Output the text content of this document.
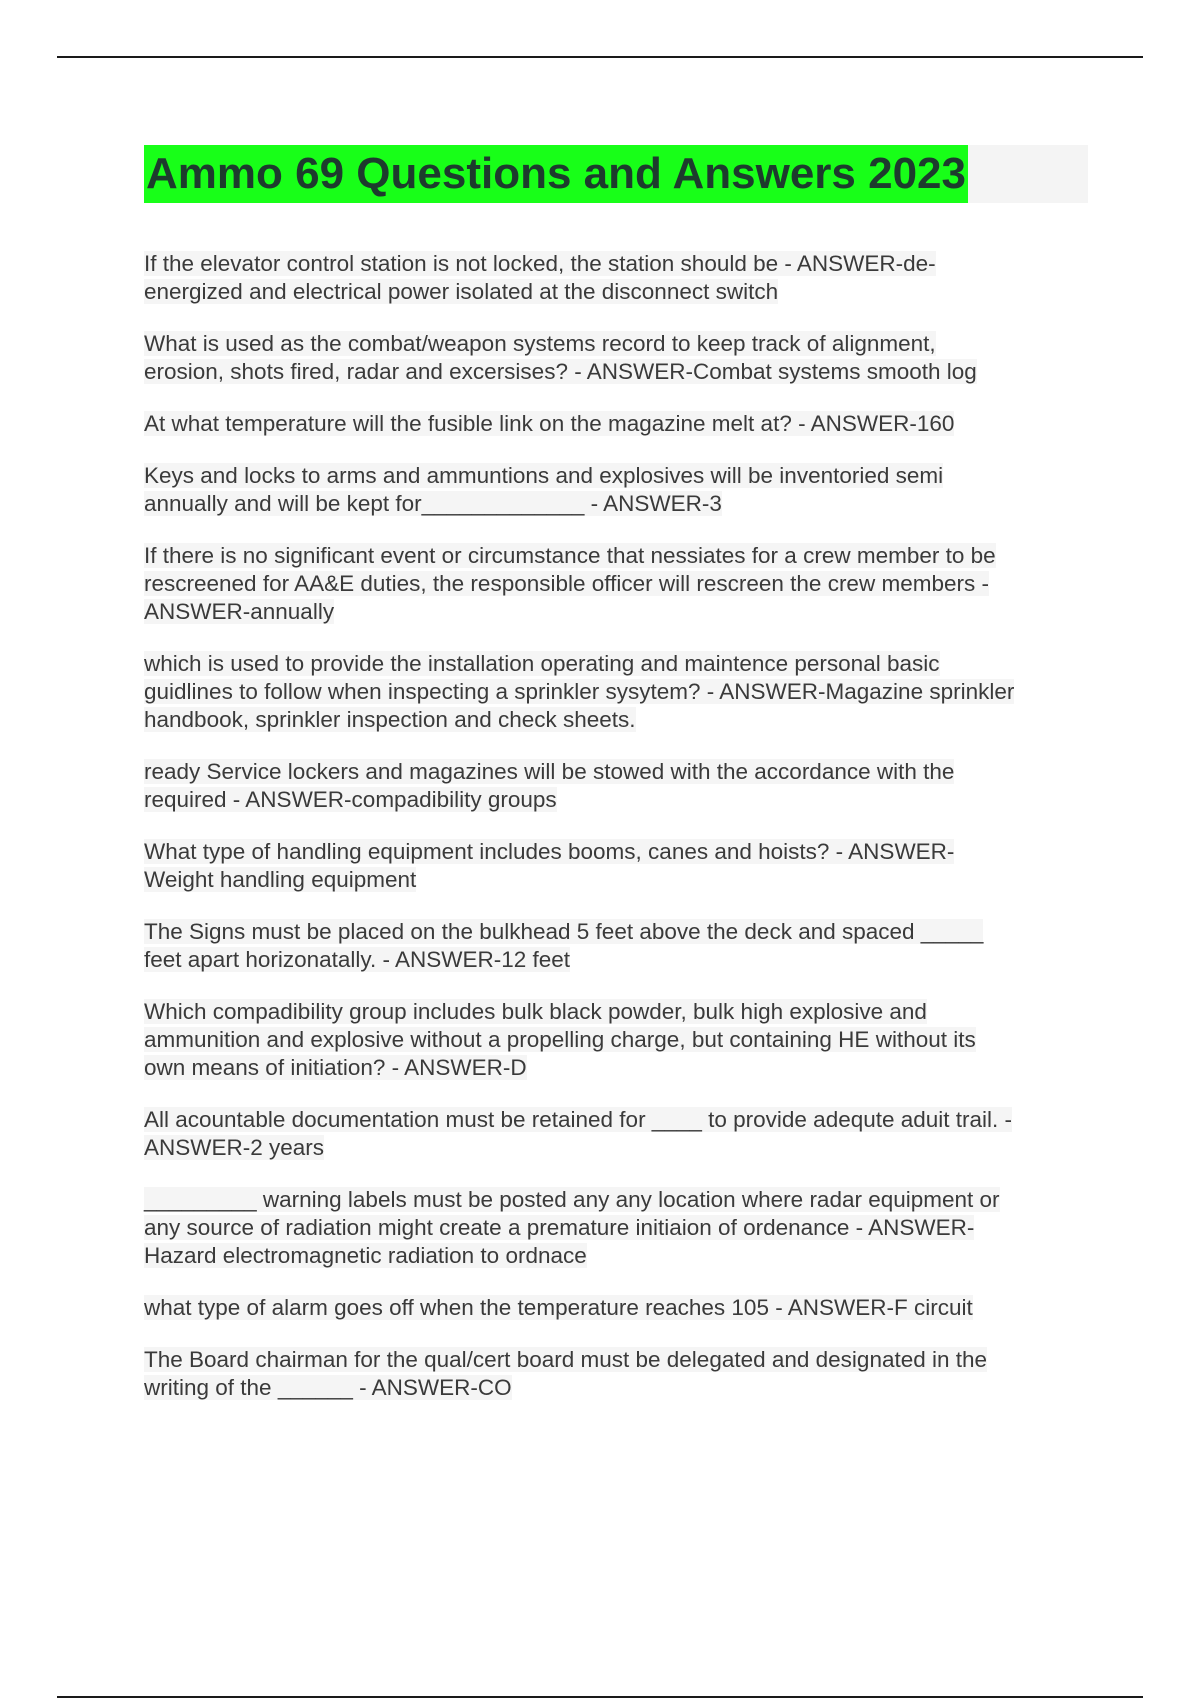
Ammo 69 Questions and Answers 2023

If the elevator control station is not locked, the station should be - ANSWER-de-
energized and electrical power isolated at the disconnect switch

What is used as the combat/weapon systems record to keep track of alignment,
erosion, shots fired, radar and excersises? - ANSWER-Combat systems smooth log

At what temperature will the fusible link on the magazine melt at? - ANSWER-160

Keys and locks to arms and ammuntions and explosives will be inventoried semi
annually and will be kept for_____________ - ANSWER-3

If there is no significant event or circumstance that nessiates for a crew member to be
rescreened for AA&E duties, the responsible officer will rescreen the crew members -
ANSWER-annually

which is used to provide the installation operating and maintence personal basic
guidlines to follow when inspecting a sprinkler sysytem? - ANSWER-Magazine sprinkler
handbook, sprinkler inspection and check sheets.

ready Service lockers and magazines will be stowed with the accordance with the
required - ANSWER-compadibility groups

What type of handling equipment includes booms, canes and hoists? - ANSWER-
Weight handling equipment

The Signs must be placed on the bulkhead 5 feet above the deck and spaced _____
feet apart horizonatally. - ANSWER-12 feet

Which compadibility group includes bulk black powder, bulk high explosive and
ammunition and explosive without a propelling charge, but containing HE without its
own means of initiation? - ANSWER-D

All acountable documentation must be retained for ____ to provide adequte aduit trail. -
ANSWER-2 years

_________ warning labels must be posted any any location where radar equipment or
any source of radiation might create a premature initiaion of ordenance - ANSWER-
Hazard electromagnetic radiation to ordnace

what type of alarm goes off when the temperature reaches 105 - ANSWER-F circuit

The Board chairman for the qual/cert board must be delegated and designated in the
writing of the ______ - ANSWER-CO
